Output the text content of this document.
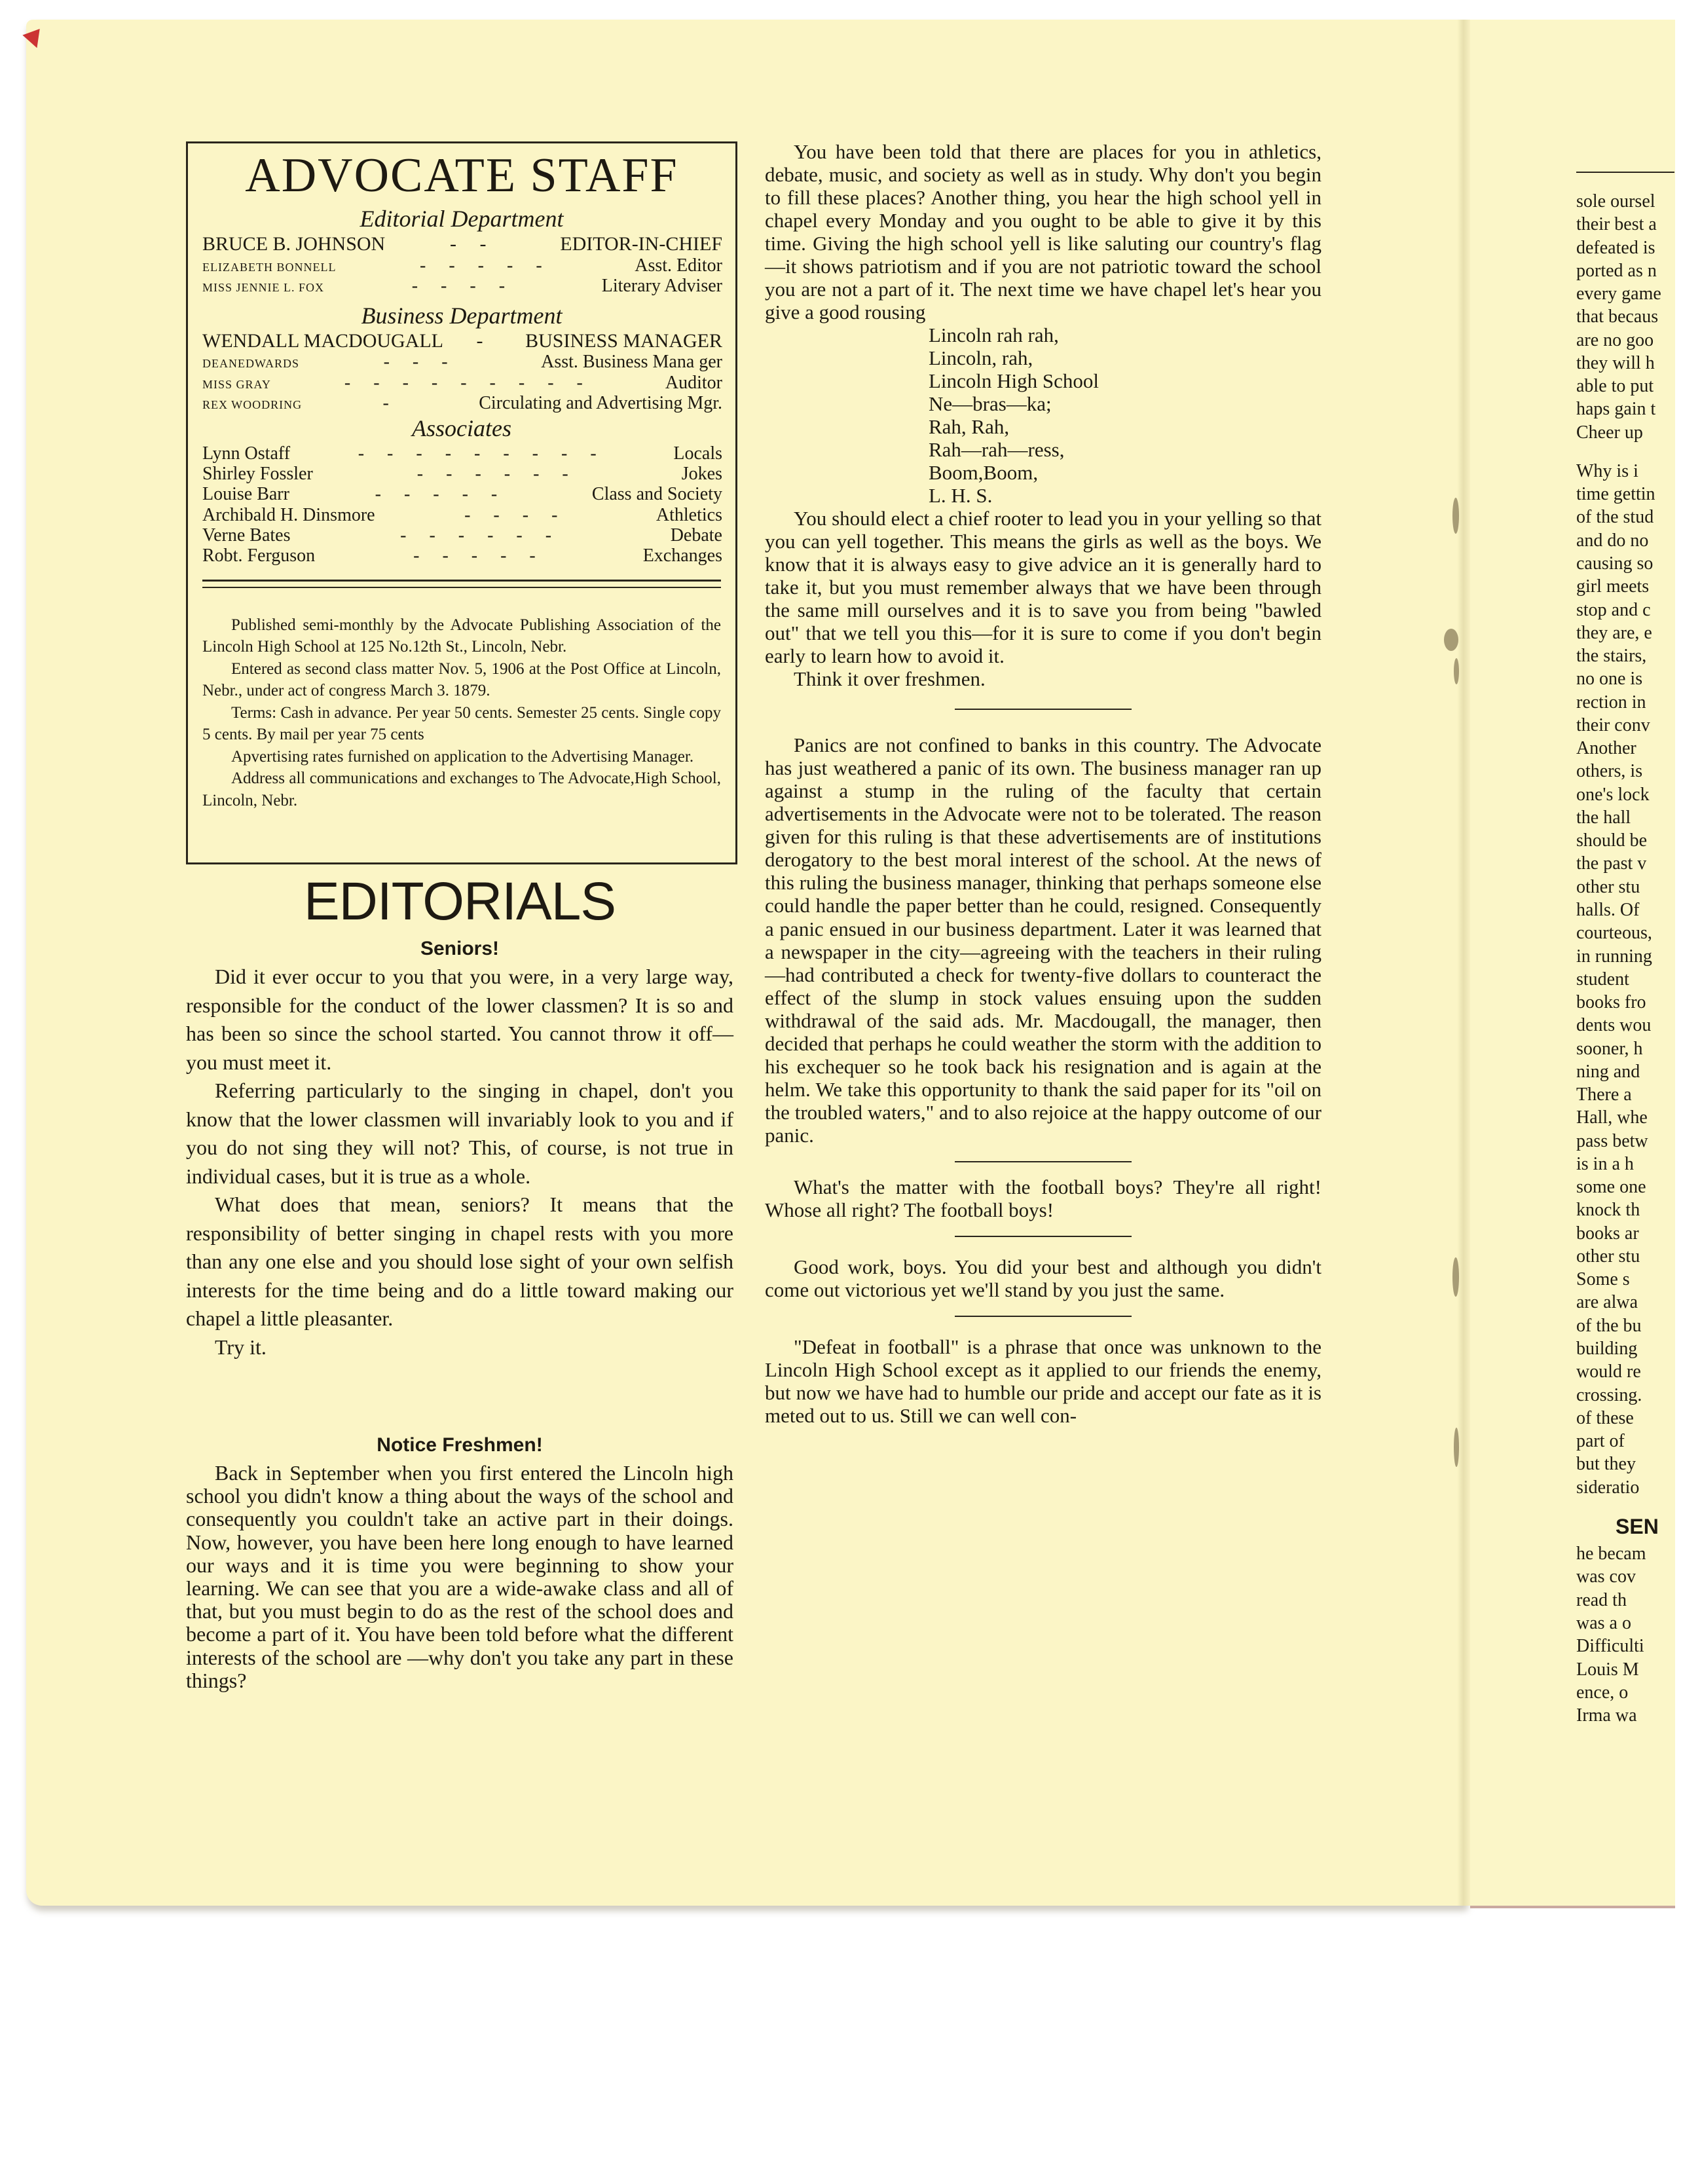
ADVOCATE STAFF
Editorial Department
BRUCE B. JOHNSON	- -	EDITOR-IN-CHIEF
ELIZABETH BONNELL	- - - - -	Asst. Editor
MISS JENNIE L. FOX	- - - -	Literary Adviser
Business Department
WENDALL MACDOUGALL	-	BUSINESS MANAGER
DEANEDWARDS	- - -	Asst. Business Mana ger
MISS GRAY	- - - - - - - - -	Auditor
REX WOODRING	-	Circulating and Advertising Mgr.
Associates
Lynn Ostaff	- - - - - - - - -	Locals
Shirley Fossler	- - - - - -	Jokes
Louise Barr	- - - - -	Class and Society
Archibald H. Dinsmore	- - - -	Athletics
Verne Bates	- - - - - -	Debate
Robt. Ferguson	- - - - -	Exchanges

Published semi-monthly by the Advocate Publishing Association of the Lincoln High School at 125 No.12th St., Lincoln, Nebr.

Entered as second class matter Nov. 5, 1906 at the Post Office at Lincoln, Nebr., under act of congress March 3. 1879.

Terms: Cash in advance. Per year 50 cents. Semester 25 cents. Single copy 5 cents. By mail per year 75 cents

Apvertising rates furnished on application to the Advertising Manager.

Address all communications and exchanges to The Advocate,High School, Lincoln, Nebr.

EDITORIALS
Seniors!

Did it ever occur to you that you were, in a very large way, responsible for the conduct of the lower classmen? It is so and has been so since the school started. You cannot throw it off—you must meet it.

Referring particularly to the singing in chapel, don't you know that the lower classmen will invariably look to you and if you do not sing they will not? This, of course, is not true in individual cases, but it is true as a whole.

What does that mean, seniors? It means that the responsibility of better singing in chapel rests with you more than any one else and you should lose sight of your own selfish interests for the time being and do a little toward making our chapel a little pleasanter.

Try it.

Notice Freshmen!

Back in September when you first entered the Lincoln high school you didn't know a thing about the ways of the school and consequently you couldn't take an active part in their doings. Now, however, you have been here long enough to have learned our ways and it is time you were beginning to show your learning. We can see that you are a wide-awake class and all of that, but you must begin to do as the rest of the school does and become a part of it. You have been told before what the different interests of the school are —why don't you take any part in these things?

You have been told that there are places for you in athletics, debate, music, and society as well as in study. Why don't you begin to fill these places? Another thing, you hear the high school yell in chapel every Monday and you ought to be able to give it by this time. Giving the high school yell is like saluting our country's flag—it shows patriotism and if you are not patriotic toward the school you are not a part of it. The next time we have chapel let's hear you give a good rousing

Lincoln rah rah,
Lincoln, rah,
Lincoln High School
Ne—bras—ka;
Rah, Rah,
Rah—rah—ress,
Boom,Boom,
L. H. S.

You should elect a chief rooter to lead you in your yelling so that you can yell together. This means the girls as well as the boys. We know that it is always easy to give advice an it is generally hard to take it, but you must remember always that we have been through the same mill ourselves and it is to save you from being "bawled out" that we tell you this—for it is sure to come if you don't begin early to learn how to avoid it.

Think it over freshmen.

Panics are not confined to banks in this country. The Advocate has just weathered a panic of its own. The business manager ran up against a stump in the ruling of the faculty that certain advertisements in the Advocate were not to be tolerated. The reason given for this ruling is that these advertisements are of institutions derogatory to the best moral interest of the school. At the news of this ruling the business manager, thinking that perhaps someone else could handle the paper better than he could, resigned. Consequently a panic ensued in our business department. Later it was learned that a newspaper in the city—agreeing with the teachers in their ruling—had contributed a check for twenty-five dollars to counteract the effect of the slump in stock values ensuing upon the sudden withdrawal of the said ads. Mr. Macdougall, the manager, then decided that perhaps he could weather the storm with the addition to his exchequer so he took back his resignation and is again at the helm. We take this opportunity to thank the said paper for its "oil on the troubled waters," and to also rejoice at the happy outcome of our panic.

What's the matter with the football boys? They're all right! Whose all right? The football boys!

Good work, boys. You did your best and although you didn't come out victorious yet we'll stand by you just the same.

"Defeat in football" is a phrase that once was unknown to the Lincoln High School except as it applied to our friends the enemy, but now we have had to humble our pride and accept our fate as it is meted out to us. Still we can well con-

sole oursel
their best a
defeated is
ported as n
every game
that becaus
are no goo
they will h
able to put
haps gain t
Cheer up
Why is i
time gettin
of the stud
and do no
causing so
girl meets
stop and c
they are, e
the stairs,
no one is
rection in
their conv
Another
others, is
one's lock
the hall
should be
the past v
other stu
halls. Of
courteous,
in running
student
books fro
dents wou
sooner, h
ning and
There a
Hall, whe
pass betw
is in a h
some one
knock th
books ar
other stu
Some s
are alwa
of the bu
building
would re
crossing.
of these
part of
but they
sideratio
SEN
he becam
was cov
read th
was a o
Difficulti
Louis M
ence, o
Irma wa
